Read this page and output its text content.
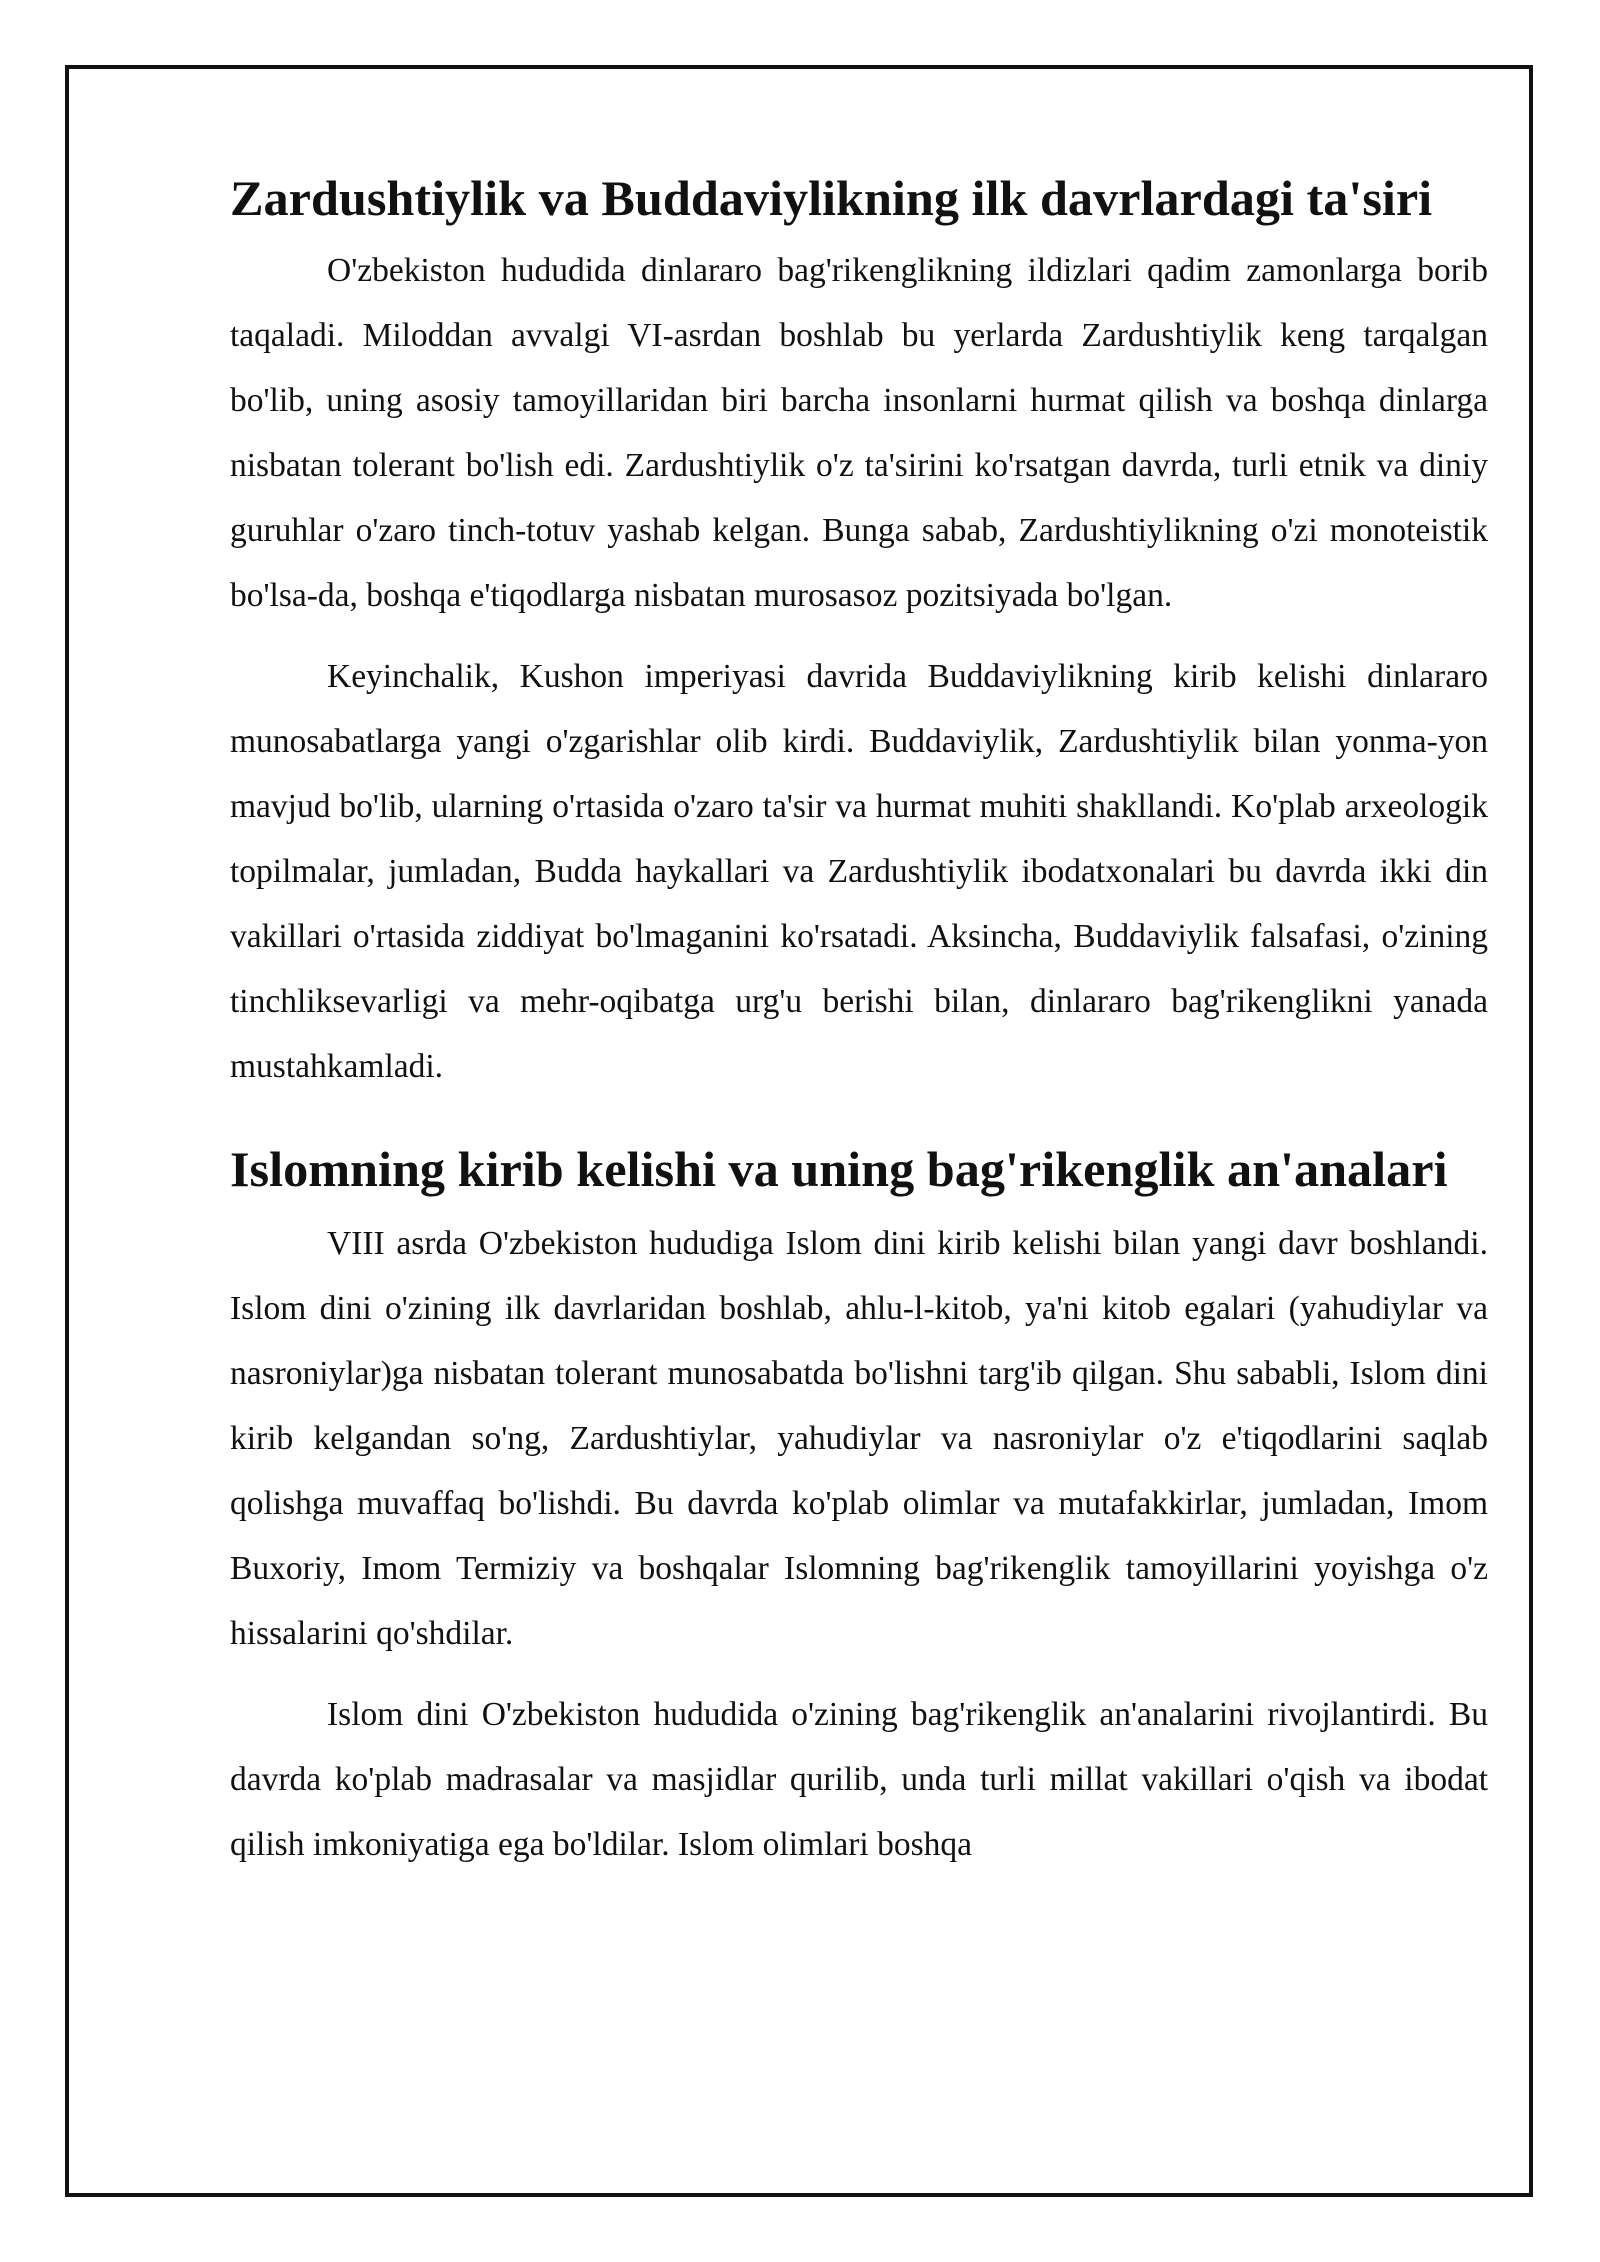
Zardushtiylik va Buddaviylikning ilk davrlardagi ta'siri

O'zbekiston hududida dinlararo bag'rikenglikning ildizlari qadim zamonlarga borib taqaladi. Miloddan avvalgi VI-asrdan boshlab bu yerlarda Zardushtiylik keng tarqalgan bo'lib, uning asosiy tamoyillaridan biri barcha insonlarni hurmat qilish va boshqa dinlarga nisbatan tolerant bo'lish edi. Zardushtiylik o'z ta'sirini ko'rsatgan davrda, turli etnik va diniy guruhlar o'zaro tinch-totuv yashab kelgan. Bunga sabab, Zardushtiylikning o'zi monoteistik bo'lsa-da, boshqa e'tiqodlarga nisbatan murosasoz pozitsiyada bo'lgan.

Keyinchalik, Kushon imperiyasi davrida Buddaviylikning kirib kelishi dinlararo munosabatlarga yangi o'zgarishlar olib kirdi. Buddaviylik, Zardushtiylik bilan yonma-yon mavjud bo'lib, ularning o'rtasida o'zaro ta'sir va hurmat muhiti shakllandi. Ko'plab arxeologik topilmalar, jumladan, Budda haykallari va Zardushtiylik ibodatxonalari bu davrda ikki din vakillari o'rtasida ziddiyat bo'lmaganini ko'rsatadi. Aksincha, Buddaviylik falsafasi, o'zining tinchliksevarligi va mehr-oqibatga urg'u berishi bilan, dinlararo bag'rikenglikni yanada mustahkamladi.

Islomning kirib kelishi va uning bag'rikenglik an'analari

VIII asrda O'zbekiston hududiga Islom dini kirib kelishi bilan yangi davr boshlandi. Islom dini o'zining ilk davrlaridan boshlab, ahlu-l-kitob, ya'ni kitob egalari (yahudiylar va nasroniylar)ga nisbatan tolerant munosabatda bo'lishni targ'ib qilgan. Shu sababli, Islom dini kirib kelgandan so'ng, Zardushtiylar, yahudiylar va nasroniylar o'z e'tiqodlarini saqlab qolishga muvaffaq bo'lishdi. Bu davrda ko'plab olimlar va mutafakkirlar, jumladan, Imom Buxoriy, Imom Termiziy va boshqalar Islomning bag'rikenglik tamoyillarini yoyishga o'z hissalarini qo'shdilar.

Islom dini O'zbekiston hududida o'zining bag'rikenglik an'analarini rivojlantirdi. Bu davrda ko'plab madrasalar va masjidlar qurilib, unda turli millat vakillari o'qish va ibodat qilish imkoniyatiga ega bo'ldilar. Islom olimlari boshqa
